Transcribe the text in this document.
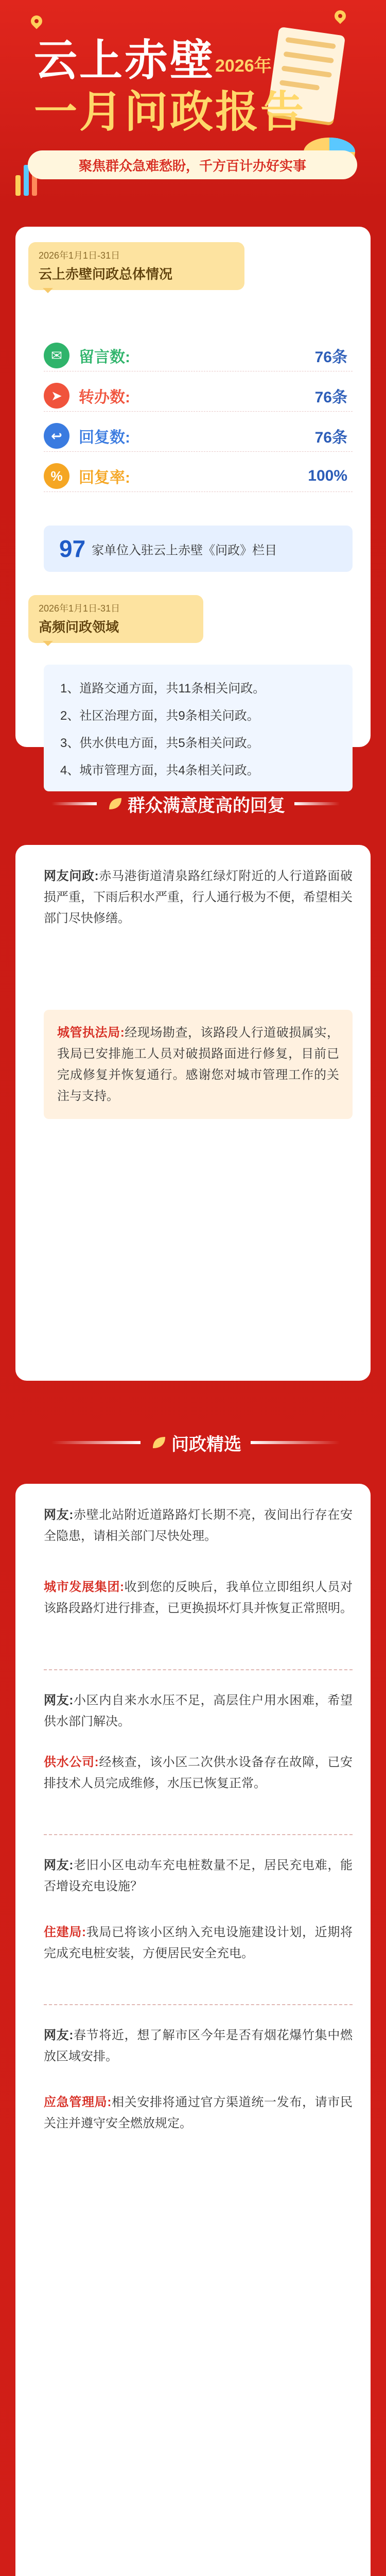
云上赤壁 2026年
一月问政报告
聚焦群众急难愁盼，千方百计办好实事
2026年1月1日-31日
云上赤壁问政总体情况
✉	留言数:	76条
➤	转办数:	76条
↩	回复数:	76条
%	回复率:	100%
97 家单位入驻云上赤壁《问政》栏目
2026年1月1日-31日
高频问政领域

1、道路交通方面，共11条相关问政。

2、社区治理方面，共9条相关问政。

3、供水供电方面，共5条相关问政。

4、城市管理方面，共4条相关问政。

群众满意度高的回复
网友问政:赤马港街道清泉路红绿灯附近的人行道路面破损严重，下雨后积水严重，行人通行极为不便，希望相关部门尽快修缮。
城管执法局:经现场勘查，该路段人行道破损属实，我局已安排施工人员对破损路面进行修复，目前已完成修复并恢复通行。感谢您对城市管理工作的关注与支持。
问政精选
网友:赤壁北站附近道路路灯长期不亮，夜间出行存在安全隐患，请相关部门尽快处理。
城市发展集团:收到您的反映后，我单位立即组织人员对该路段路灯进行排查，已更换损坏灯具并恢复正常照明。
网友:小区内自来水水压不足，高层住户用水困难，希望供水部门解决。
供水公司:经核查，该小区二次供水设备存在故障，已安排技术人员完成维修，水压已恢复正常。
网友:老旧小区电动车充电桩数量不足，居民充电难，能否增设充电设施？
住建局:我局已将该小区纳入充电设施建设计划，近期将完成充电桩安装，方便居民安全充电。
网友:春节将近，想了解市区今年是否有烟花爆竹集中燃放区域安排。
应急管理局:相关安排将通过官方渠道统一发布，请市民关注并遵守安全燃放规定。
